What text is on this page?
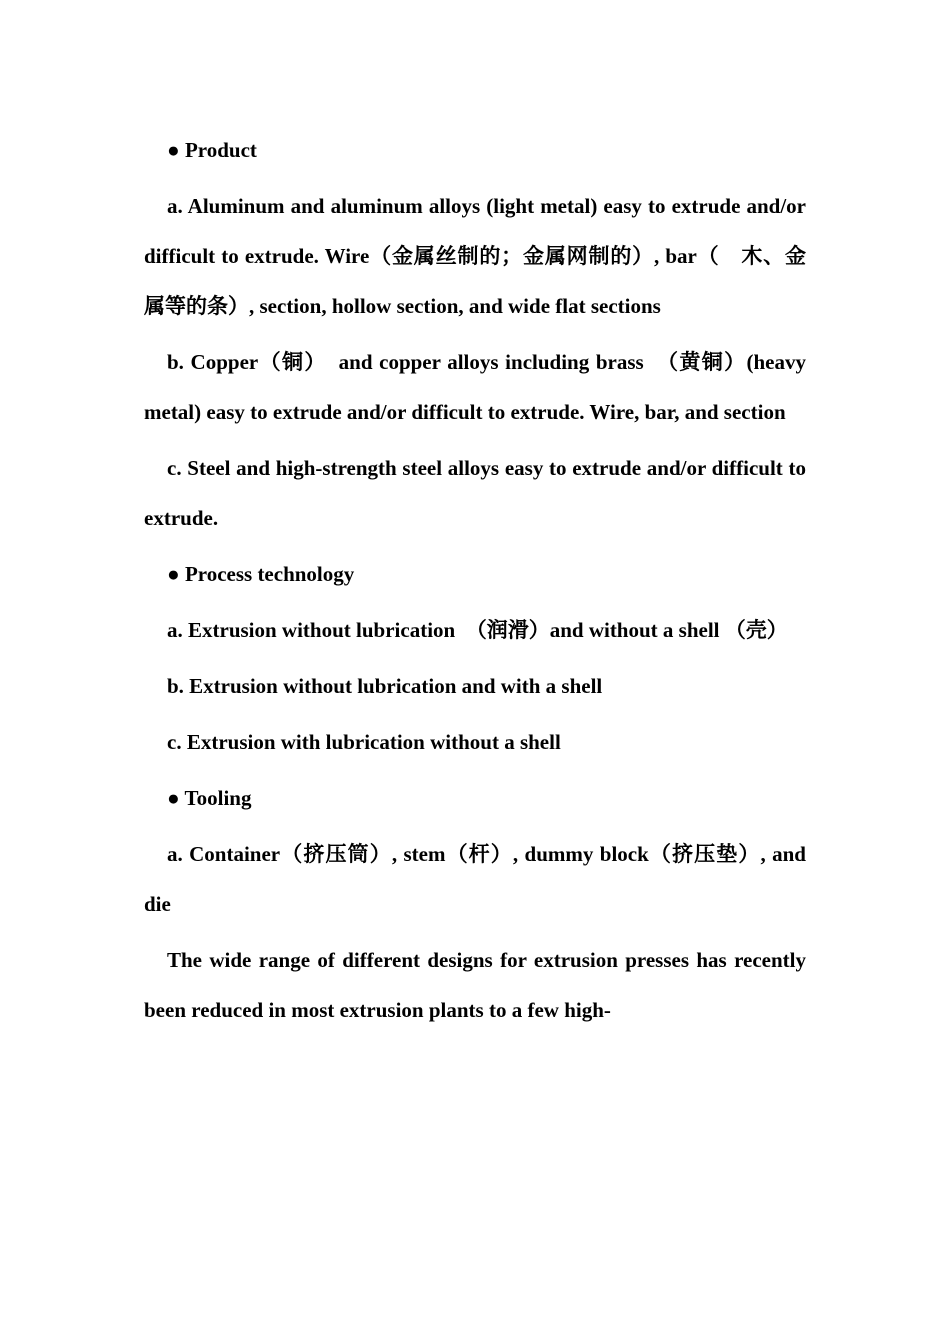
● Product

a. Aluminum and aluminum alloys (light metal) easy to extrude and/or difficult to extrude. Wire（金属丝制的；金属网制的）, bar（　木、金属等的条）, section, hollow section, and wide flat sections

b. Copper（铜）　and copper alloys including brass　（黄铜）(heavy metal) easy to extrude and/or difficult to extrude. Wire, bar, and section

c. Steel and high-strength steel alloys easy to extrude and/or difficult to extrude.

● Process technology

a. Extrusion without lubrication　（润滑）and without a shell （壳）

b. Extrusion without lubrication and with a shell

c. Extrusion with lubrication without a shell

● Tooling

a. Container（挤压筒）, stem（杆）, dummy block（挤压垫）, and die

The wide range of different designs for extrusion presses has recently been reduced in most extrusion plants to a few high-
